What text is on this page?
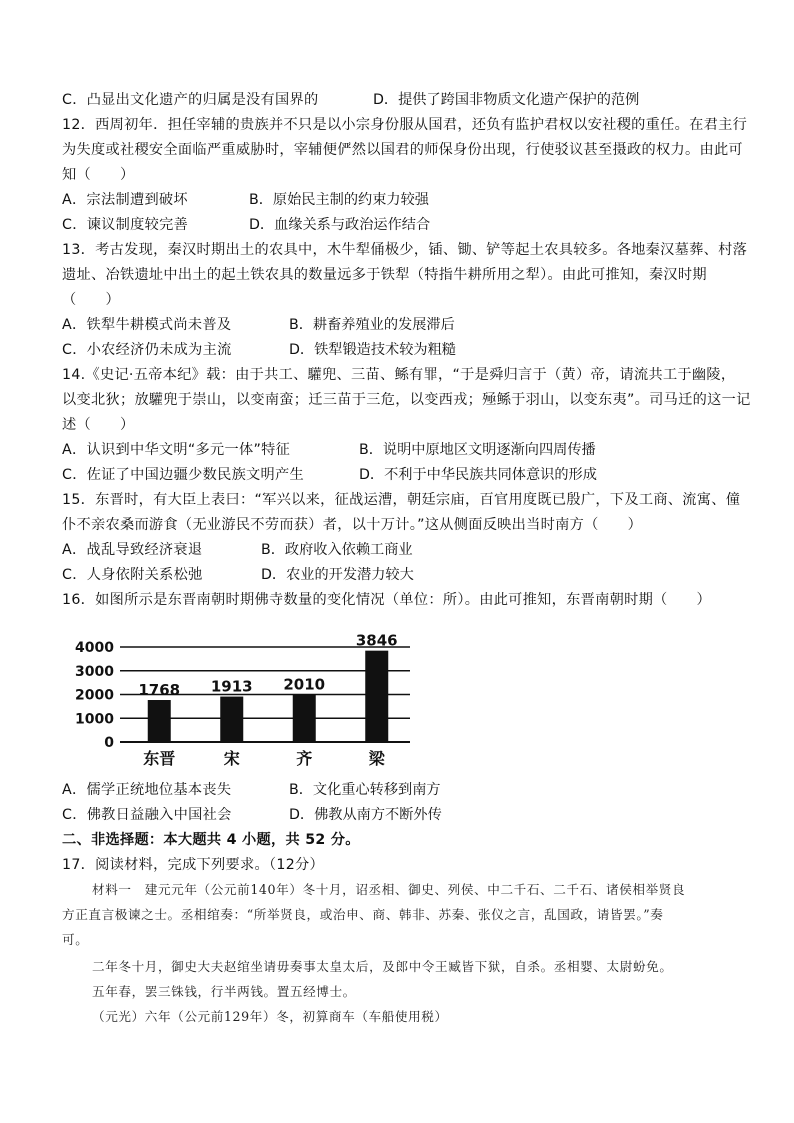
C．凸显出文化遗产的归属是没有国界的	D．提供了跨国非物质文化遗产保护的范例
12．西周初年．担任宰辅的贵族并不只是以小宗身份服从国君，还负有监护君权以安社稷的重任。在君主行
为失度或社稷安全面临严重威胁时，宰辅便俨然以国君的师保身份出现，行使驳议甚至摄政的权力。由此可
知（　　）
A．宗法制遭到破坏	B．原始民主制的约束力较强
C．谏议制度较完善	D．血缘关系与政治运作结合
13．考古发现，秦汉时期出土的农具中，木牛犁俑极少，锸、锄、铲等起土农具较多。各地秦汉墓葬、村落
遗址、冶铁遗址中出土的起土铁农具的数量远多于铁犁（特指牛耕所用之犁）。由此可推知，秦汉时期
（　　）
A．铁犁牛耕模式尚未普及	B．耕畜养殖业的发展滞后
C．小农经济仍未成为主流	D．铁犁锻造技术较为粗糙
14.《史记·五帝本纪》载：由于共工、驩兜、三苗、鲧有罪，“于是舜归言于（黄）帝，请流共工于幽陵，
以变北狄；放驩兜于崇山，以变南蛮；迁三苗于三危，以变西戎；殛鲧于羽山，以变东夷”。司马迁的这一记
述（　　）
A．认识到中华文明“多元一体”特征	B．说明中原地区文明逐渐向四周传播
C．佐证了中国边疆少数民族文明产生	D．不利于中华民族共同体意识的形成
15．东晋时，有大臣上表曰：“军兴以来，征战运漕，朝廷宗庙，百官用度既已殷广，下及工商、流寓、僮
仆不亲农桑而游食（无业游民不劳而获）者，以十万计。”这从侧面反映出当时南方（　　）
A．战乱导致经济衰退	B．政府收入依赖工商业
C．人身依附关系松弛	D．农业的开发潜力较大
16．如图所示是东晋南朝时期佛寺数量的变化情况（单位：所）。由此可推知，东晋南朝时期（　　）
0
1000
2000
3000
4000
1768 1913 2010
3846
东晋	宋	齐	梁
A．儒学正统地位基本丧失	B．文化重心转移到南方
C．佛教日益融入中国社会	D．佛教从南方不断外传
二、非选择题：本大题共 4 小题，共 52 分。
17．阅读材料，完成下列要求。（12分）
材料一　建元元年（公元前140年）冬十月，诏丞相、御史、列侯、中二千石、二千石、诸侯相举贤良
方正直言极谏之士。丞相绾奏：“所举贤良，或治申、商、韩非、苏秦、张仪之言，乱国政，请皆罢。”奏
可。
二年冬十月，御史大夫赵绾坐请毋奏事太皇太后，及郎中令王臧皆下狱，自杀。丞相婴、太尉蚡免。
五年春，罢三铢钱，行半两钱。置五经博士。
（元光）六年（公元前129年）冬，初算商车（车船使用税）
